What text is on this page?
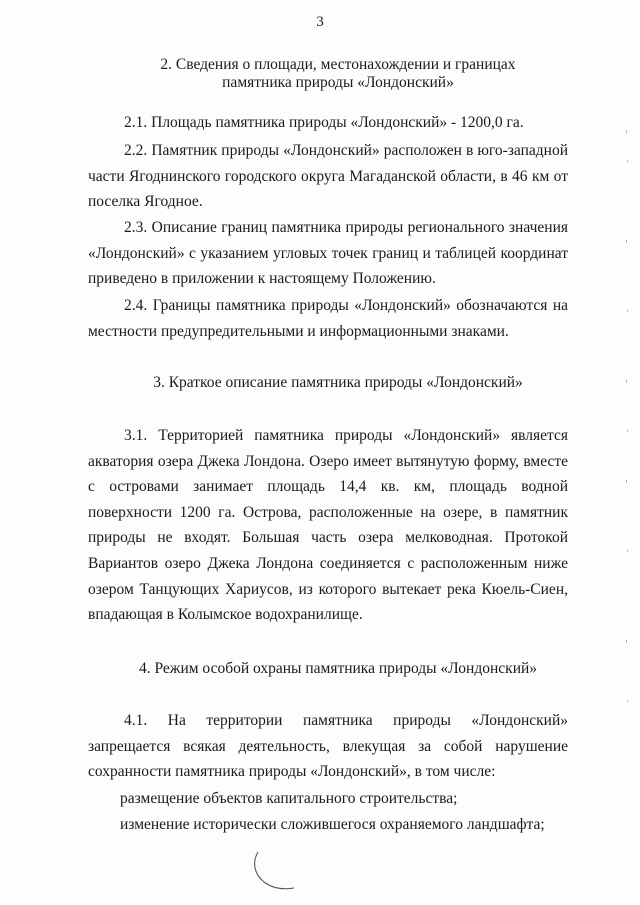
3
2. Сведения о площади, местонахождении и границах
памятника природы «Лондонский»
2.1. Площадь памятника природы «Лондонский» - 1200,0 га.
2.2. Памятник природы «Лондонский» расположен в юго-западной части Ягоднинского городского округа Магаданской области, в 46 км от поселка Ягодное.
2.3. Описание границ памятника природы регионального значения «Лондонский» с указанием угловых точек границ и таблицей координат приведено в приложении к настоящему Положению.
2.4. Границы памятника природы «Лондонский» обозначаются на местности предупредительными и информационными знаками.
3. Краткое описание памятника природы «Лондонский»
3.1. Территорией памятника природы «Лондонский» является акватория озера Джека Лондона. Озеро имеет вытянутую форму, вместе с островами занимает площадь 14,4 кв. км, площадь водной поверхности 1200 га. Острова, расположенные на озере, в памятник природы не входят. Большая часть озера мелководная. Протокой Вариантов озеро Джека Лондона соединяется с расположенным ниже озером Танцующих Хариусов, из которого вытекает река Кюель-Сиен, впадающая в Колымское водохранилище.
4. Режим особой охраны памятника природы «Лондонский»
4.1. На территории памятника природы «Лондонский» запрещается всякая деятельность, влекущая за собой нарушение сохранности памятника природы «Лондонский», в том числе:
размещение объектов капитального строительства;
изменение исторически сложившегося охраняемого ландшафта;
